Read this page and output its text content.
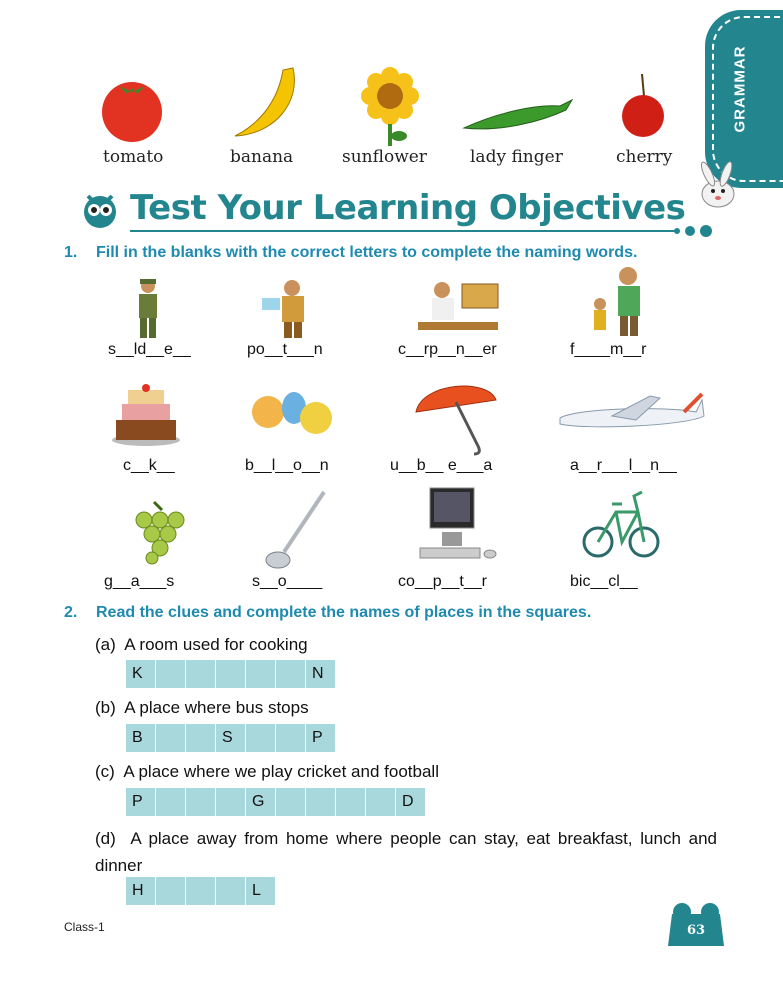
GRAMMAR
tomato	banana	sunflower	lady finger	cherry
Test Your Learning Objectives
1. Fill in the blanks with the correct letters to complete the naming words.
s__ld__e__	po__t___n	c__rp__n__er	f____m__r
c__k__	b__l__o__n	u__b__ e___a	a__r___l__n__
g__a___s	s__o____	co__p__t__r	bic__cl__
2. Read the clues and complete the names of places in the squares.
(a) A room used for cooking
K	N
(b) A place where bus stops
B	S	P
(c) A place where we play cricket and football
P	G	D
(d) A place away from home where people can stay, eat breakfast, lunch and dinner
H	L
Class-1	63
